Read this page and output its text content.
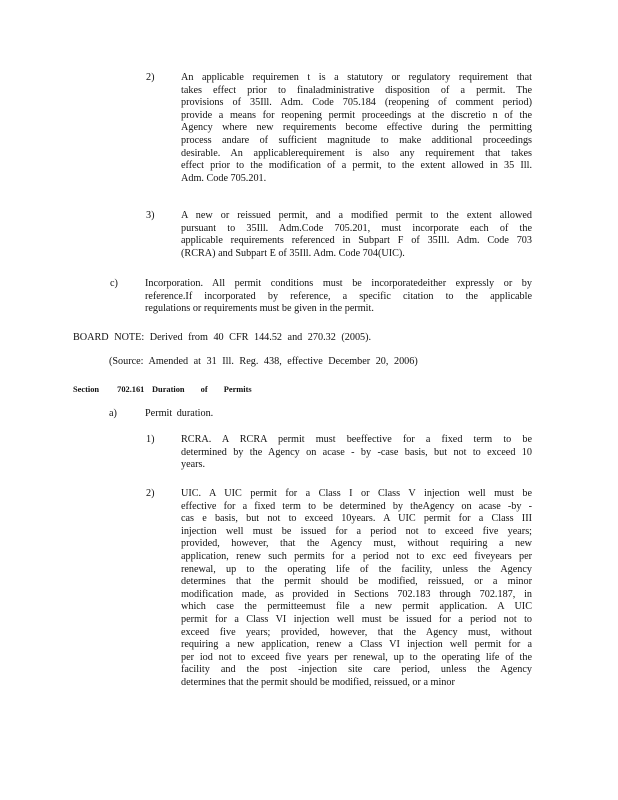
2)	An applicable requiremen t is a statutory or regulatory requirement that
takes effect prior to finaladministrative disposition of a permit. The
provisions of 35Ill. Adm. Code 705.184 (reopening of comment period)
provide a means for reopening permit proceedings at the discretio n of the
Agency where new requirements become effective during the permitting
process andare of sufficient magnitude to make additional proceedings
desirable. An applicablerequirement is also any requirement that takes
effect prior to the modification of a permit, to the extent allowed in 35 Ill.
Adm. Code 705.201.
3)	A new or reissued permit, and a modified permit to the extent allowed
pursuant to 35Ill. Adm.Code 705.201, must incorporate each of the
applicable requirements referenced in Subpart F of 35Ill. Adm. Code 703
(RCRA) and Subpart E of 35Ill. Adm. Code 704(UIC).
c)	Incorporation. All permit conditions must be incorporatedeither expressly or by
reference.If incorporated by reference, a specific citation to the applicable
regulations or requirements must be given in the permit.
BOARD NOTE: Derived from 40 CFR 144.52 and 270.32 (2005).
(Source: Amended at 31 Ill. Reg. 438, effective December 20, 2006)
Section 702.161 Duration of Permits
a)	Permit duration.
1)	RCRA. A RCRA permit must beeffective for a fixed term to be
determined by the Agency on acase - by -case basis, but not to exceed 10
years.
2)	UIC. A UIC permit for a Class I or Class V injection well must be
effective for a fixed term to be determined by theAgency on acase -by -
cas e basis, but not to exceed 10years. A UIC permit for a Class III
injection well must be issued for a period not to exceed five years;
provided, however, that the Agency must, without requiring a new
application, renew such permits for a period not to exc eed fiveyears per
renewal, up to the operating life of the facility, unless the Agency
determines that the permit should be modified, reissued, or a minor
modification made, as provided in Sections 702.183 through 702.187, in
which case the permitteemust file a new permit application. A UIC
permit for a Class VI injection well must be issued for a period not to
exceed five years; provided, however, that the Agency must, without
requiring a new application, renew a Class VI injection well permit for a
per iod not to exceed five years per renewal, up to the operating life of the
facility and the post -injection site care period, unless the Agency
determines that the permit should be modified, reissued, or a minor
